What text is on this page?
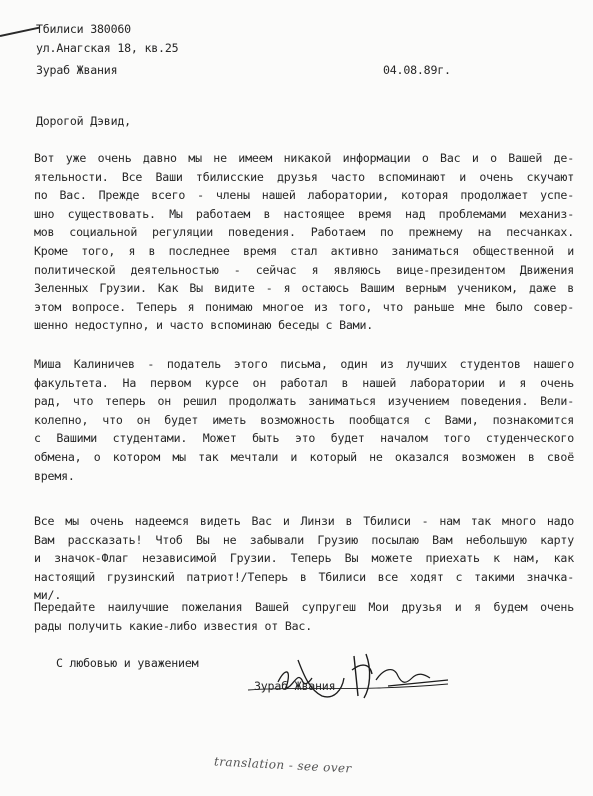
Тбилиси 380060
ул.Анагская 18, кв.25
Зураб Жвания	04.08.89г.
Дорогой Дэвид,
Вот уже очень давно мы не имеем никакой информации о Вас и о Вашей де-
ятельности. Все Ваши тбилисские друзья часто вспоминают и очень скучают
по Вас. Прежде всего - члены нашей лаборатории, которая продолжает успе-
шно существовать. Мы работаем в настоящее время над проблемами механиз-
мов социальной регуляции поведения. Работаем по прежнему на песчанках.
Кроме того, я в последнее время стал активно заниматься общественной и
политической деятельностью - сейчас я являюсь вице-президентом Движения
Зеленных Грузии. Как Вы видите - я остаюсь Вашим верным учеником, даже в
этом вопросе. Теперь я понимаю многое из того, что раньше мне было совер-
шенно недоступно, и часто вспоминаю беседы с Вами.
Миша Калиничев - податель этого письма, один из лучших студентов нашего
факультета. На первом курсе он работал в нашей лаборатории и я очень
рад, что теперь он решил продолжать заниматься изучением поведения. Вели-
колепно, что он будет иметь возможность пообщатся с Вами, познакомится
с Вашими студентами. Может быть это будет началом того студенческого
обмена, о котором мы так мечтали и который не оказался возможен в своё
время.
Все мы очень надеемся видеть Вас и Линзи в Тбилиси - нам так много надо
Вам рассказать! Чтоб Вы не забывали Грузию посылаю Вам небольшую карту
и значок-Флаг независимой Грузии. Теперь Вы можете приехать к нам, как
настоящий грузинский патриот!/Теперь в Тбилиси все ходят с такими значка-
ми/.
Передайте наилучшие пожелания Вашей супругеш Мои друзья и я будем очень
рады получить какие-либо известия от Вас.
С любовью и уважением
Зураб Жвания
translation - see over
